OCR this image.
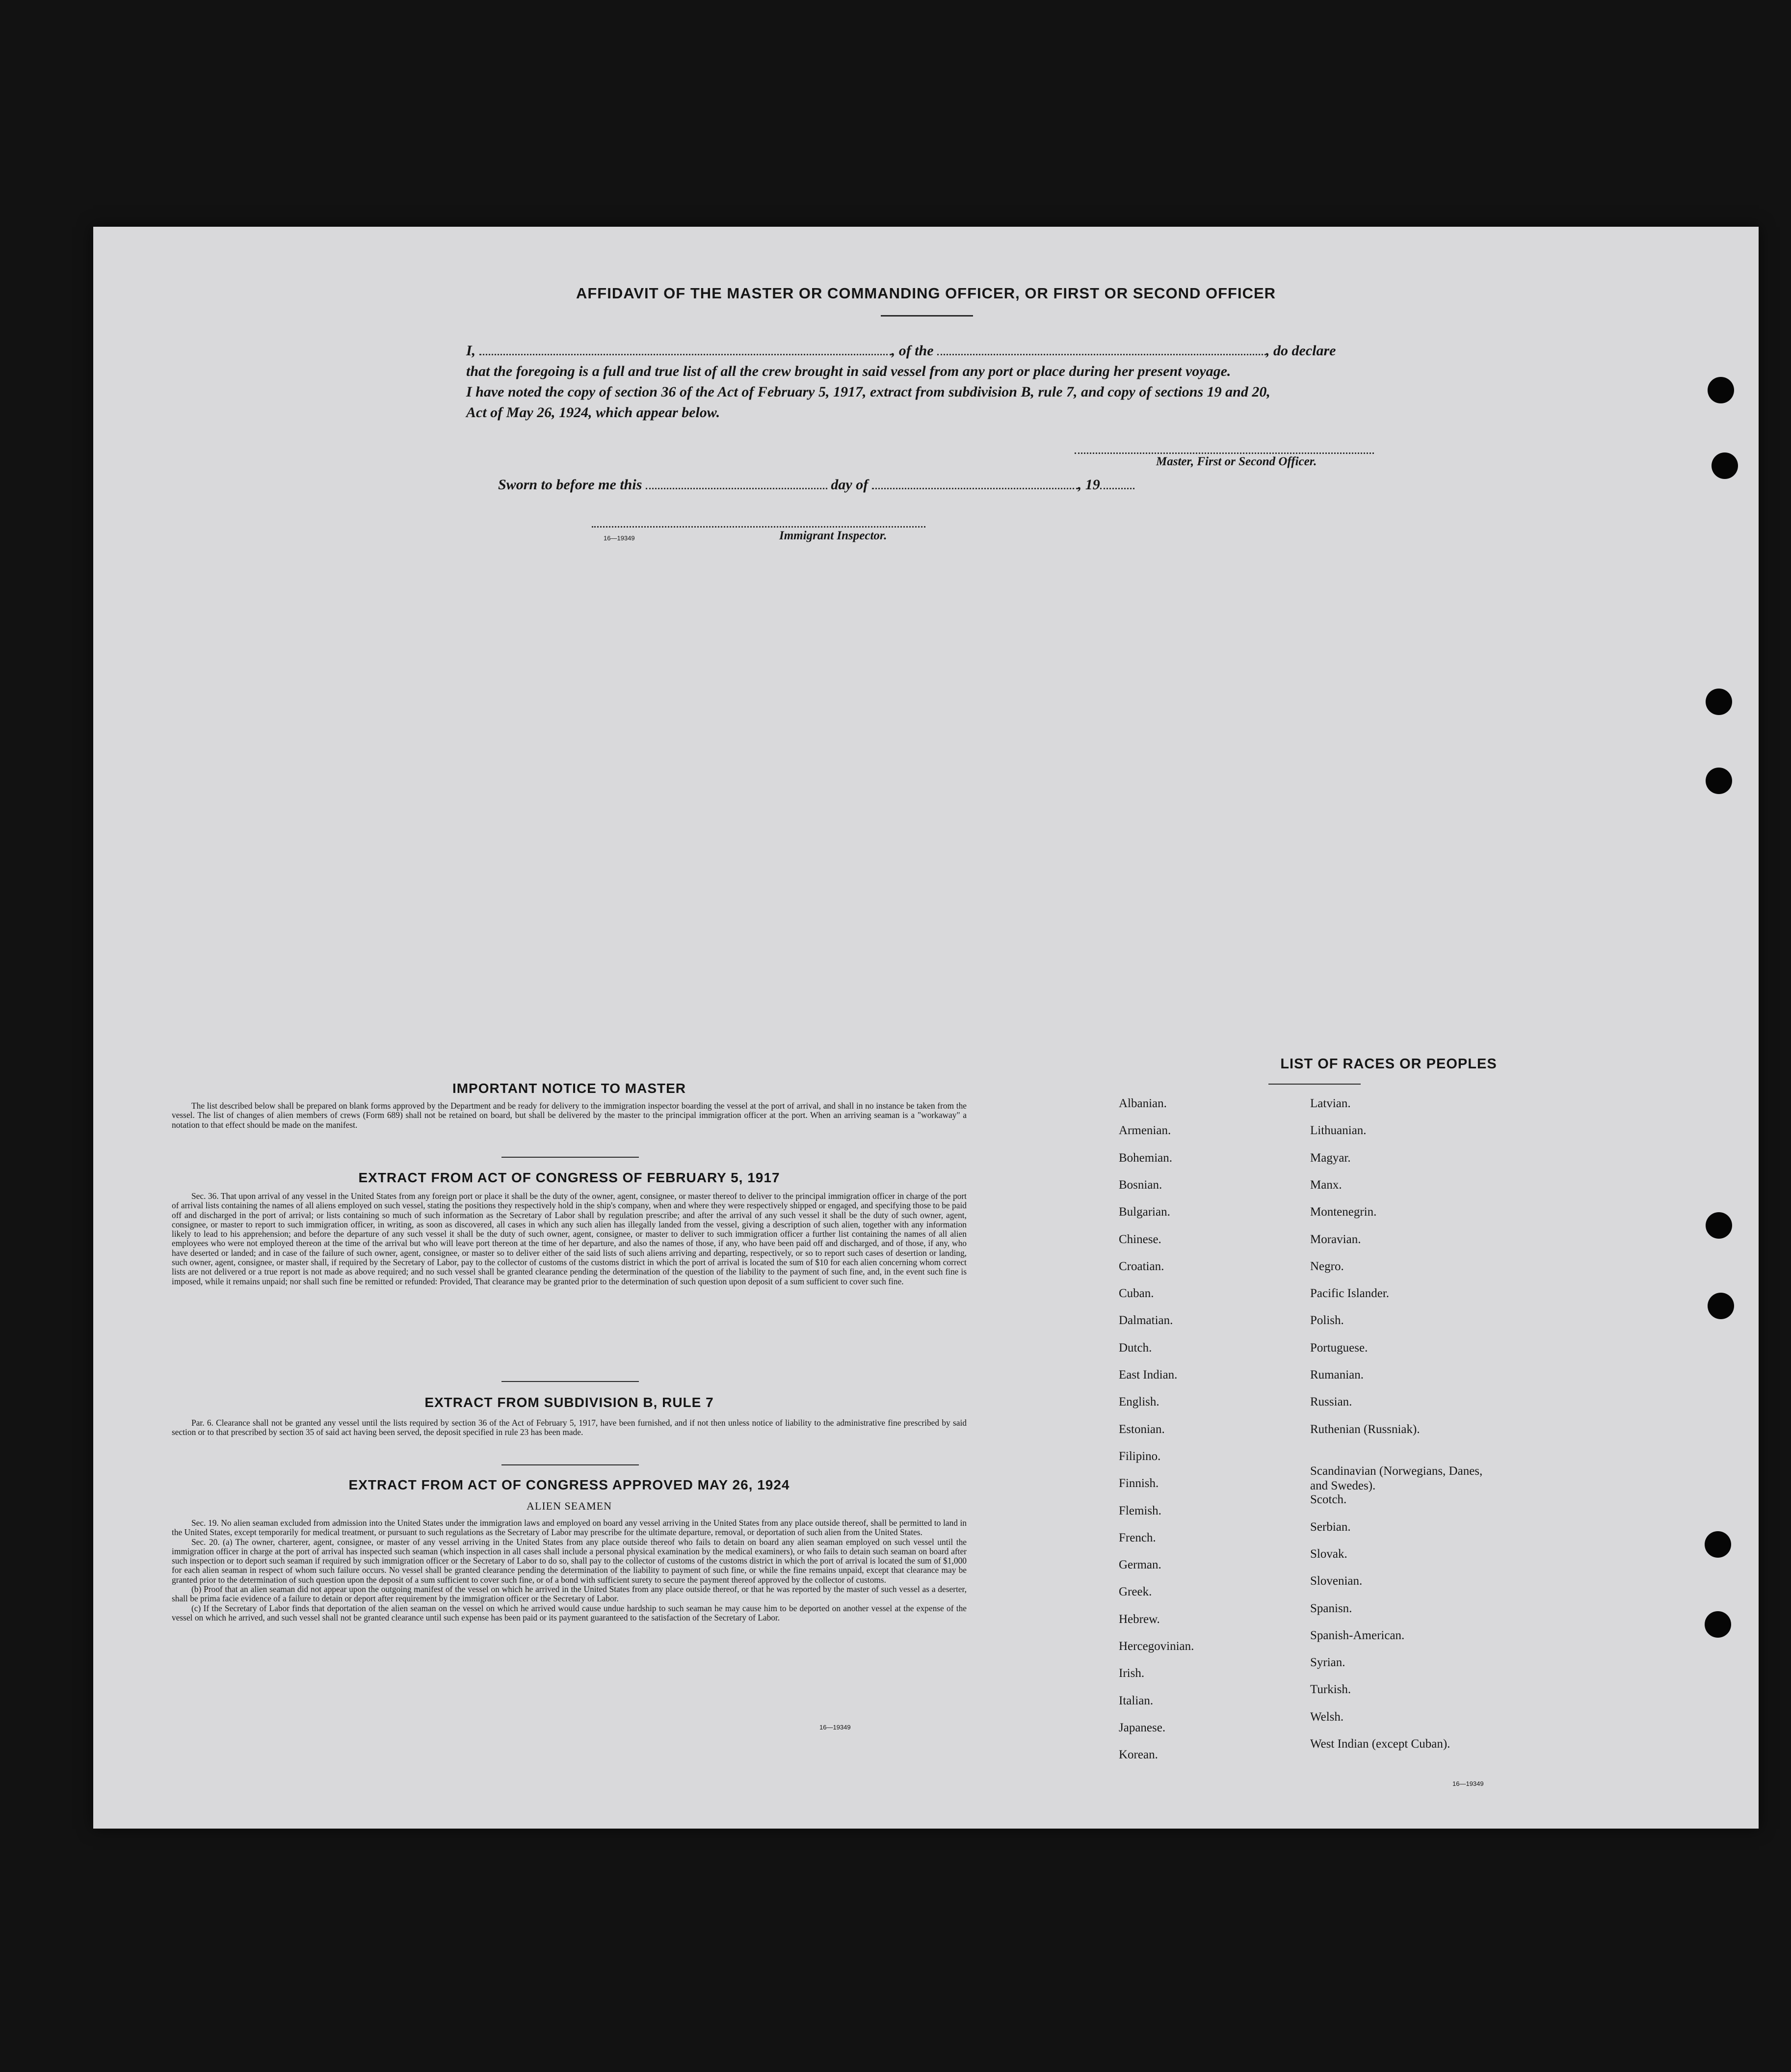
AFFIDAVIT OF THE MASTER OR COMMANDING OFFICER, OR FIRST OR SECOND OFFICER
I,	, of the	, do declare
that the foregoing is a full and true list of all the crew brought in said vessel from any port or place during her present voyage.
I have noted the copy of section 36 of the Act of February 5, 1917, extract from subdivision B, rule 7, and copy of sections 19 and 20,
Act of May 26, 1924, which appear below.
Master, First or Second Officer.
Sworn to before me this	day of	, 19
16—19349	Immigrant Inspector.
IMPORTANT NOTICE TO MASTER

The list described below shall be prepared on blank forms approved by the Department and be ready for delivery to the immigration inspector boarding the vessel at the port of arrival, and shall in no instance be taken from the vessel. The list of changes of alien members of crews (Form 689) shall not be retained on board, but shall be delivered by the master to the principal immigration officer at the port. When an arriving seaman is a "workaway" a notation to that effect should be made on the manifest.

EXTRACT FROM ACT OF CONGRESS OF FEBRUARY 5, 1917

Sec. 36. That upon arrival of any vessel in the United States from any foreign port or place it shall be the duty of the owner, agent, consignee, or master thereof to deliver to the principal immigration officer in charge of the port of arrival lists containing the names of all aliens employed on such vessel, stating the positions they respectively hold in the ship's company, when and where they were respectively shipped or engaged, and specifying those to be paid off and discharged in the port of arrival; or lists containing so much of such information as the Secretary of Labor shall by regulation prescribe; and after the arrival of any such vessel it shall be the duty of such owner, agent, consignee, or master to report to such immigration officer, in writing, as soon as discovered, all cases in which any such alien has illegally landed from the vessel, giving a description of such alien, together with any information likely to lead to his apprehension; and before the departure of any such vessel it shall be the duty of such owner, agent, consignee, or master to deliver to such immigration officer a further list containing the names of all alien employees who were not employed thereon at the time of the arrival but who will leave port thereon at the time of her departure, and also the names of those, if any, who have been paid off and discharged, and of those, if any, who have deserted or landed; and in case of the failure of such owner, agent, consignee, or master so to deliver either of the said lists of such aliens arriving and departing, respectively, or so to report such cases of desertion or landing, such owner, agent, consignee, or master shall, if required by the Secretary of Labor, pay to the collector of customs of the customs district in which the port of arrival is located the sum of $10 for each alien concerning whom correct lists are not delivered or a true report is not made as above required; and no such vessel shall be granted clearance pending the determination of the question of the liability to the payment of such fine, and, in the event such fine is imposed, while it remains unpaid; nor shall such fine be remitted or refunded: Provided, That clearance may be granted prior to the determination of such question upon deposit of a sum sufficient to cover such fine.

EXTRACT FROM SUBDIVISION B, RULE 7

Par. 6. Clearance shall not be granted any vessel until the lists required by section 36 of the Act of February 5, 1917, have been furnished, and if not then unless notice of liability to the administrative fine prescribed by said section or to that prescribed by section 35 of said act having been served, the deposit specified in rule 23 has been made.

EXTRACT FROM ACT OF CONGRESS APPROVED MAY 26, 1924
ALIEN SEAMEN

Sec. 19. No alien seaman excluded from admission into the United States under the immigration laws and employed on board any vessel arriving in the United States from any place outside thereof, shall be permitted to land in the United States, except temporarily for medical treatment, or pursuant to such regulations as the Secretary of Labor may prescribe for the ultimate departure, removal, or deportation of such alien from the United States.

Sec. 20. (a) The owner, charterer, agent, consignee, or master of any vessel arriving in the United States from any place outside thereof who fails to detain on board any alien seaman employed on such vessel until the immigration officer in charge at the port of arrival has inspected such seaman (which inspection in all cases shall include a personal physical examination by the medical examiners), or who fails to detain such seaman on board after such inspection or to deport such seaman if required by such immigration officer or the Secretary of Labor to do so, shall pay to the collector of customs of the customs district in which the port of arrival is located the sum of $1,000 for each alien seaman in respect of whom such failure occurs. No vessel shall be granted clearance pending the determination of the liability to payment of such fine, or while the fine remains unpaid, except that clearance may be granted prior to the determination of such question upon the deposit of a sum sufficient to cover such fine, or of a bond with sufficient surety to secure the payment thereof approved by the collector of customs.

(b) Proof that an alien seaman did not appear upon the outgoing manifest of the vessel on which he arrived in the United States from any place outside thereof, or that he was reported by the master of such vessel as a deserter, shall be prima facie evidence of a failure to detain or deport after requirement by the immigration officer or the Secretary of Labor.

(c) If the Secretary of Labor finds that deportation of the alien seaman on the vessel on which he arrived would cause undue hardship to such seaman he may cause him to be deported on another vessel at the expense of the vessel on which he arrived, and such vessel shall not be granted clearance until such expense has been paid or its payment guaranteed to the satisfaction of the Secretary of Labor.

16—19349
LIST OF RACES OR PEOPLES
Albanian.
Armenian.
Bohemian.
Bosnian.
Bulgarian.
Chinese.
Croatian.
Cuban.
Dalmatian.
Dutch.
East Indian.
English.
Estonian.
Filipino.
Finnish.
Flemish.
French.
German.
Greek.
Hebrew.
Hercegovinian.
Irish.
Italian.
Japanese.
Korean.
Latvian.
Lithuanian.
Magyar.
Manx.
Montenegrin.
Moravian.
Negro.
Pacific Islander.
Polish.
Portuguese.
Rumanian.
Russian.
Ruthenian (Russniak).
Scandinavian (Norwegians, Danes, and Swedes).
Scotch.
Serbian.
Slovak.
Slovenian.
Spanisn.
Spanish-American.
Syrian.
Turkish.
Welsh.
West Indian (except Cuban).
16—19349
